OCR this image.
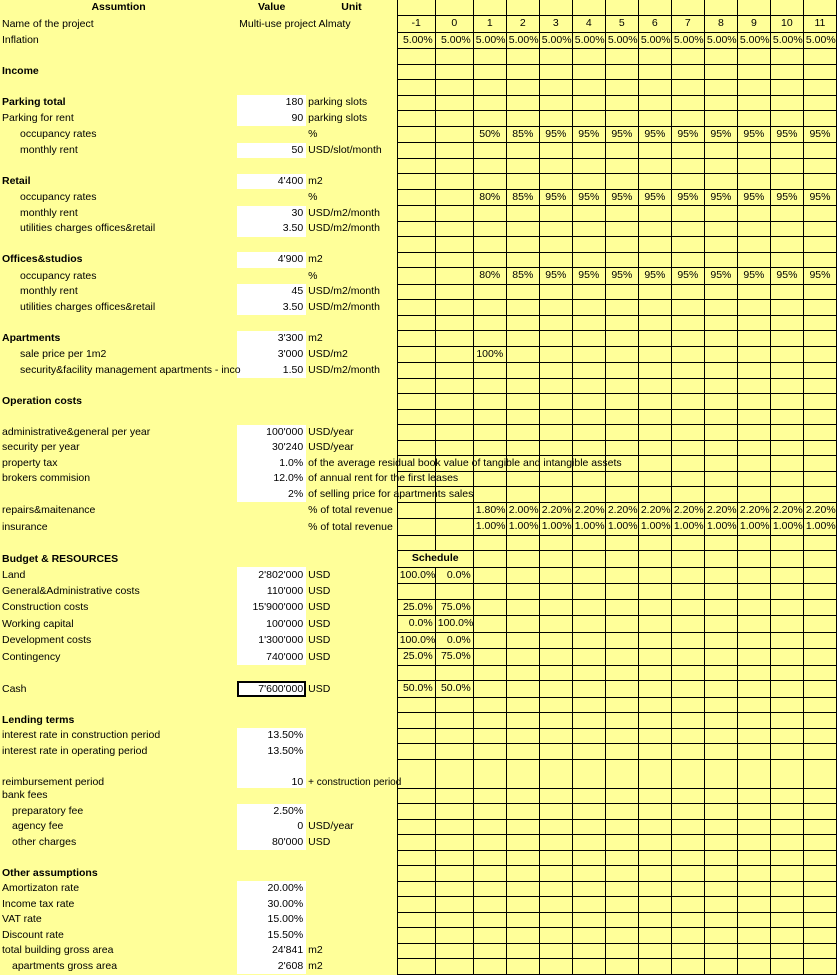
Assumtion	Value	Unit													
Name of the project	Multi-use project Almaty		-1	0	1	2	3	4	5	6	7	8	9	10	11
Inflation			5.00%	5.00%	5.00%	5.00%	5.00%	5.00%	5.00%	5.00%	5.00%	5.00%	5.00%	5.00%	5.00%

Income															

Parking total	180	parking slots													
Parking for rent	90	parking slots													
occupancy rates		%			50%	85%	95%	95%	95%	95%	95%	95%	95%	95%	95%
monthly rent	50	USD/slot/month													

Retail	4'400	m2													
occupancy rates		%			80%	85%	95%	95%	95%	95%	95%	95%	95%	95%	95%
monthly rent	30	USD/m2/month													
utilities charges offices&retail	3.50	USD/m2/month													

Offices&studios	4'900	m2													
occupancy rates		%			80%	85%	95%	95%	95%	95%	95%	95%	95%	95%	95%
monthly rent	45	USD/m2/month													
utilities charges offices&retail	3.50	USD/m2/month													

Apartments	3'300	m2													
sale price per 1m2	3'000	USD/m2			100%										
security&facility management apartments - inco	1.50	USD/m2/month													

Operation costs															

administrative&general per year	100'000	USD/year													
security per year	30'240	USD/year													
property tax	1.0%	of the average residual book value of tangible and intangible assets													
brokers commision	12.0%	of annual rent for the first leases													
	2%	of selling price for apartments sales													
repairs&maitenance		% of total revenue			1.80%	2.00%	2.20%	2.20%	2.20%	2.20%	2.20%	2.20%	2.20%	2.20%	2.20%
insurance		% of total revenue			1.00%	1.00%	1.00%	1.00%	1.00%	1.00%	1.00%	1.00%	1.00%	1.00%	1.00%

Budget & RESOURCES			Schedule												
Land	2'802'000	USD	100.0%	0.0%											
General&Administrative costs	110'000	USD													
Construction costs	15'900'000	USD	25.0%	75.0%											
Working capital	100'000	USD	0.0%	100.0%											
Development costs	1'300'000	USD	100.0%	0.0%											
Contingency	740'000	USD	25.0%	75.0%											

Cash	7'600'000	USD	50.0%	50.0%											

Lending terms															
interest rate in construction period	13.50%														
interest rate in operating period	13.50%														
reimbursement period	10	+ construction period													
bank fees															
preparatory fee	2.50%														
agency fee	0	USD/year													
other charges	80'000	USD													

Other assumptions															
Amortizaton rate	20.00%														
Income tax rate	30.00%														
VAT rate	15.00%														
Discount rate	15.50%														
total building gross area	24'841	m2													
apartments gross area	2'608	m2													
